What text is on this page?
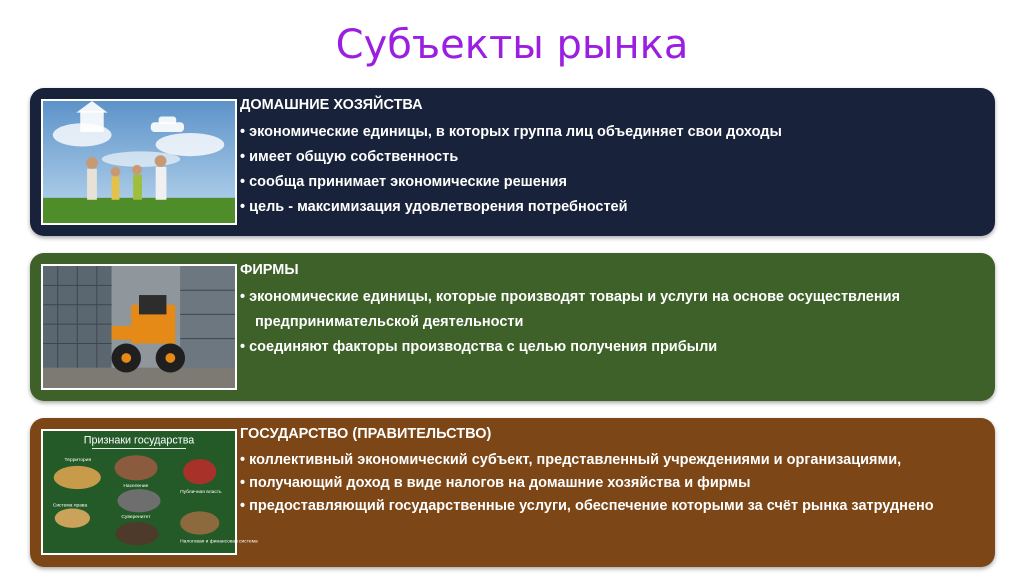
Субъекты рынка
ДОМАШНИЕ ХОЗЯЙСТВА
• экономические единицы, в которых группа лиц объединяет свои доходы
• имеет общую собственность
• сообща принимает экономические решения
• цель - максимизация удовлетворения потребностей
ФИРМЫ
• экономические единицы, которые производят товары и услуги на основе осуществления предпринимательской деятельности
• соединяют факторы производства с целью получения прибыли
Признаки государства
Территория
Население
Публичная власть
Система права
Суверенитет
Налоговая и финансовая система
ГОСУДАРСТВО (ПРАВИТЕЛЬСТВО)
• коллективный экономический субъект, представленный учреждениями и организациями,
• получающий доход в виде налогов на домашние хозяйства и фирмы
• предоставляющий государственные услуги, обеспечение которыми за счёт рынка затруднено
